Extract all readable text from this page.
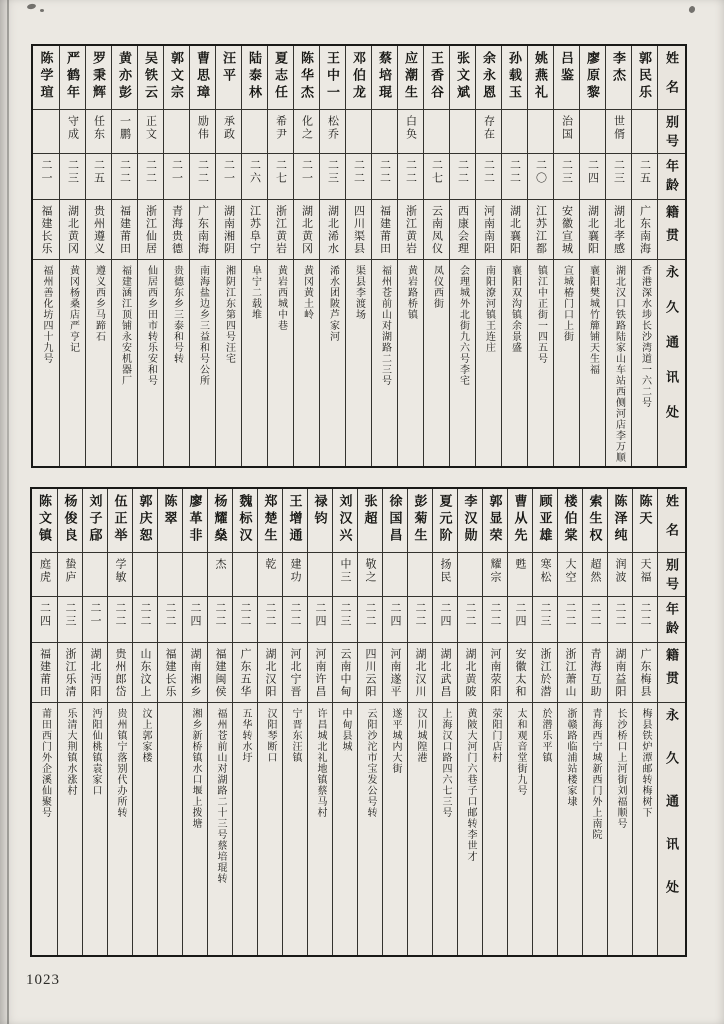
姓名
别号
年龄
籍贯
永久通讯处
郭民乐
二五
广东南海
香港深水埗长沙湾道一六二号
李杰
世偦
二三
湖北孝感
湖北汉口铁路陆家山车站西侧河店李万顺
廖原黎
二四
湖北襄阳
襄阳樊城竹簰铺天生福
吕鉴
治国
二三
安徽宣城
宣城椿门口上街
姚燕礼
二〇
江苏江都
镇江中正街一四五号
孙载玉
二二
湖北襄阳
襄阳双沟镇余景盛
余永恩
存在
二二
河南南阳
南阳潦河镇王连庄
张文斌
二二
西康会理
会理城外北街九六号李宅
王香谷
二七
云南凤仪
凤仪西街
应潮生
白奂
二二
浙江黄岩
黄岩路桥镇
蔡培琨
二二
福建莆田
福州苍前山对湖路二三号
邓伯龙
二二
四川渠县
渠县李渡场
王中一
松乔
二三
湖北浠水
浠水团陂芦家河
陈华杰
化之
二一
湖北黄冈
黄冈黄土岭
夏志任
希尹
二七
浙江黄岩
黄岩西城中巷
陆泰林
二六
江苏阜宁
阜宁二载堆
汪平
承政
二一
湖南湘阴
湘阴江东第四号汪宅
曹思璋
励伟
二二
广东南海
南海盐边乡三益和号公所
郭文宗
二一
青海贵德
贵德东乡三泰和号转
吴铁云
正文
二二
浙江仙居
仙居西乡田市转乐安和号
黄亦彭
一鹏
二二
福建莆田
福建涵江顶铺永安机器厂
罗秉辉
任东
二五
贵州遵义
遵义西乡马蹄石
严鹤年
守成
二三
湖北黄冈
黄冈杨桑店严亨记
陈学瑄
二一
福建长乐
福州善化坊四十九号
姓名
别号
年龄
籍贯
永久通讯处
陈天
天福
二二
广东梅县
梅县铁炉潭邮转梅树下
陈泽纯
润波
二二
湖南益阳
长沙桥口上河街刘福顺号
索生权
超然
二二
青海互助
青海西宁城新西门外上南院
楼伯棠
大空
二二
浙江萧山
浙赣路临浦站楼家埭
顾亚雄
寒松
二三
浙江於潜
於潜乐平镇
曹从先
甦
二四
安徽太和
太和观音堂街九号
郭显荣
耀宗
二二
河南荥阳
荥阳门店村
李汉勋
二二
湖北黄陂
黄陂大河门六巷子口邮转李世才
夏元阶
扬民
二四
湖北武昌
上海汉口路四六七三号
彭菊生
二二
湖北汉川
汉川城隍港
徐国昌
二四
河南遂平
遂平城内大街
张超
敬之
二二
四川云阳
云阳沙沱市宝发公号转
刘汉兴
中三
二三
云南中甸
中甸县城
禄钧
二四
河南许昌
许昌城北礼地镇蔡马村
王增通
建功
二二
河北宁晋
宁晋东汪镇
郑楚生
乾
二二
湖北汉阳
汉阳琴断口
魏标汉
二二
广东五华
五华转水圩
杨耀燊
杰
二二
福建闽侯
福州苍前山对湖路二十三号蔡培琨转
廖革非
二四
湖南湘乡
湘乡新桥镇水口堰上拨塘
陈翠
二二
福建长乐
郭庆恕
二二
山东汶上
汶上郭家楼
伍正举
学敏
二二
贵州郎岱
贵州镇宁落别代办所转
刘子郈
二一
湖北沔阳
沔阳仙桃镇袁家口
杨俊良
蛰庐
二三
浙江乐清
乐清大荆镇水涨村
陈文镇
庭虎
二四
福建莆田
莆田西门外企溪仙聚号
1023
